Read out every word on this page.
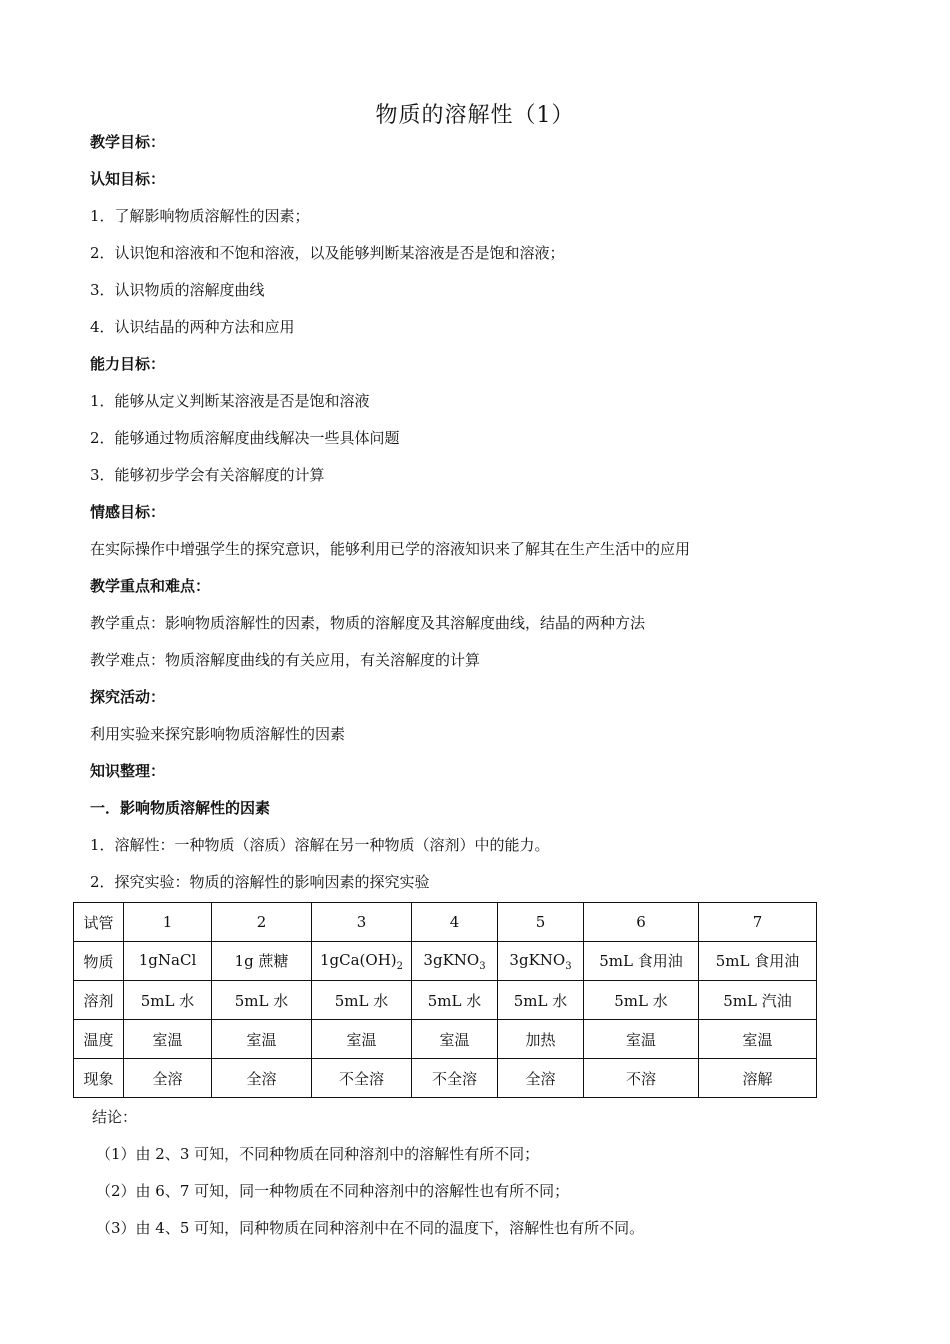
物质的溶解性（1）
教学目标：
认知目标：
1．了解影响物质溶解性的因素；
2．认识饱和溶液和不饱和溶液，以及能够判断某溶液是否是饱和溶液；
3．认识物质的溶解度曲线
4．认识结晶的两种方法和应用
能力目标：
1．能够从定义判断某溶液是否是饱和溶液
2．能够通过物质溶解度曲线解决一些具体问题
3．能够初步学会有关溶解度的计算
情感目标：
在实际操作中增强学生的探究意识，能够利用已学的溶液知识来了解其在生产生活中的应用
教学重点和难点：
教学重点：影响物质溶解性的因素，物质的溶解度及其溶解度曲线，结晶的两种方法
教学难点：物质溶解度曲线的有关应用，有关溶解度的计算
探究活动：
利用实验来探究影响物质溶解性的因素
知识整理：
一．影响物质溶解性的因素
1．溶解性：一种物质（溶质）溶解在另一种物质（溶剂）中的能力。
2．探究实验：物质的溶解性的影响因素的探究实验
试管	1	2	3	4	5	6	7
物质	1gNaCl	1g 蔗糖	$1gCa(OH)_2$	3gKNO$_3$	3gKNO$_3$	5mL 食用油	5mL 食用油
溶剂	5mL 水	5mL 水	5mL 水	5mL 水	5mL 水	5mL 水	5mL 汽油
温度	室温	室温	室温	室温	加热	室温	室温
现象	全溶	全溶	不全溶	不全溶	全溶	不溶	溶解
结论：
（1）由 2、3 可知，不同种物质在同种溶剂中的溶解性有所不同；
（2）由 6、7 可知，同一种物质在不同种溶剂中的溶解性也有所不同；
（3）由 4、5 可知，同种物质在同种溶剂中在不同的温度下，溶解性也有所不同。
